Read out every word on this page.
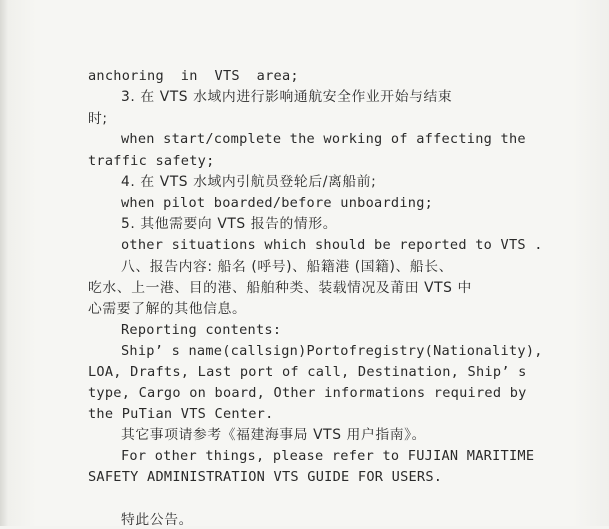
anchoring  in  VTS  area;
3. 在 VTS 水域内进行影响通航安全作业开始与结束
时;
when start/complete the working of affecting the
traffic safety;
4. 在 VTS 水域内引航员登轮后/离船前;
when pilot boarded/before unboarding;
5. 其他需要向 VTS 报告的情形。
other situations which should be reported to VTS .
八、报告内容: 船名 (呼号)、船籍港 (国籍)、船长、
吃水、上一港、目的港、船舶种类、装载情况及莆田 VTS 中
心需要了解的其他信息。
Reporting contents:
Ship’ s name(callsign)Portofregistry(Nationality),
LOA, Drafts, Last port of call, Destination, Ship’ s
type, Cargo on board, Other informations required by
the PuTian VTS Center.
其它事项请参考《福建海事局 VTS 用户指南》。
For other things, please refer to FUJIAN MARITIME
SAFETY ADMINISTRATION VTS GUIDE FOR USERS.
特此公告。
